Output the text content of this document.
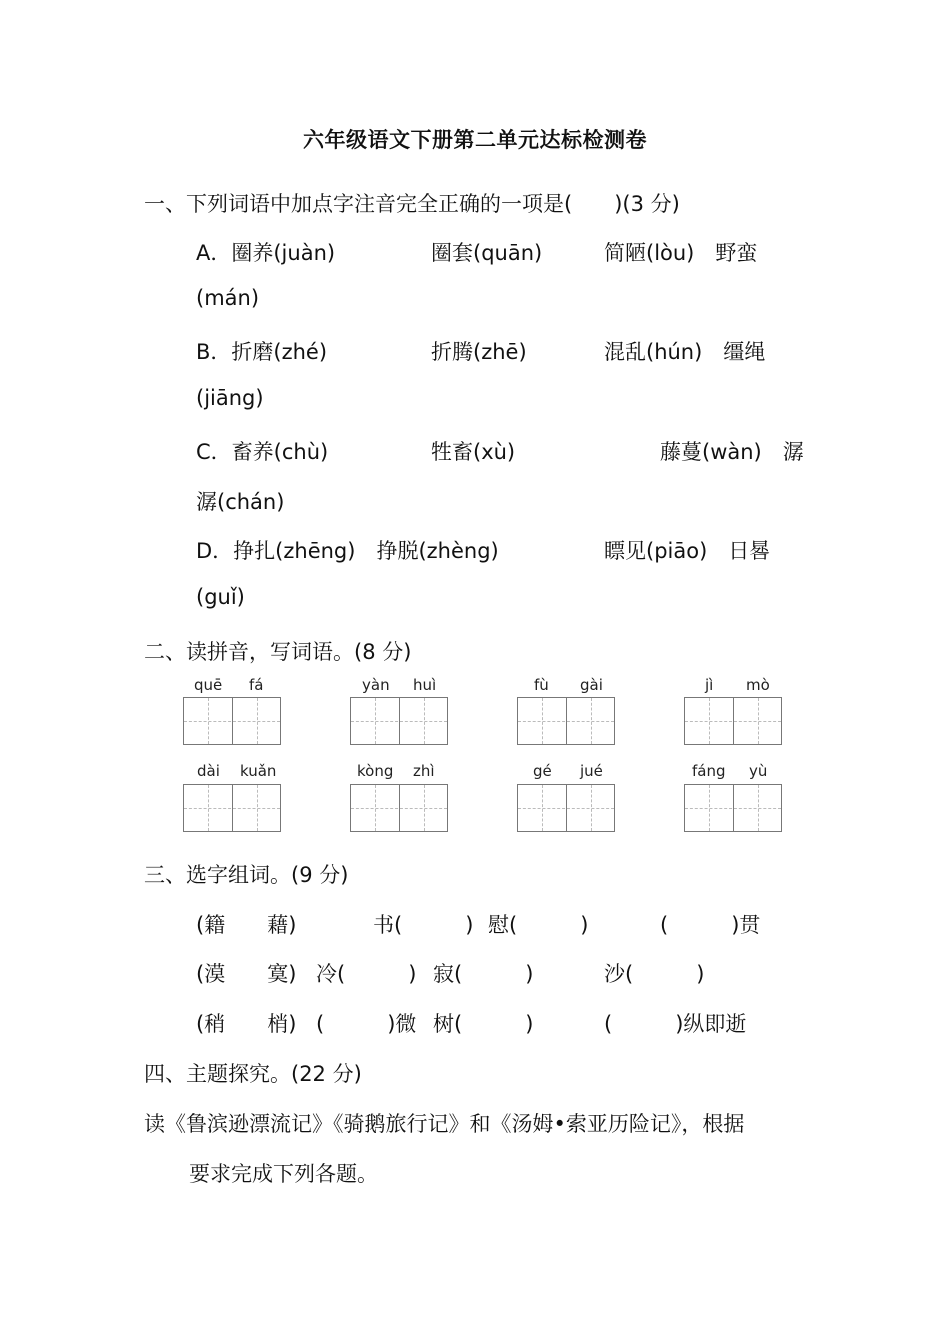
六年级语文下册第二单元达标检测卷
一、下列词语中加点字注音完全正确的一项是(　　)(3 分)
A．圈养(juàn)	圈套(quān)	简陋(lòu)　野蛮
(mán)
B．折磨(zhé)	折腾(zhē)	混乱(hún)　缰绳
(jiāng)
C．畜养(chù)	牲畜(xù)	藤蔓(wàn)　潺
潺(chán)
D．挣扎(zhēng)　挣脱(zhèng)	瞟见(piāo)　日晷
(guǐ)
二、读拼音，写词语。(8 分)
quē fá	yàn huì	fù gài	jì mò
dài kuǎn	kòng zhì	gé jué	fáng yù
三、选字组词。(9 分)
(籍　　藉)	书(　　　) 慰(　　　)	(　　　)贯
(漠　　寞) 冷(　　　) 寂(　　　)	沙(　　　)
(稍　　梢) (　　　)微 树(　　　)	(　　　)纵即逝
四、主题探究。(22 分)
读《鲁滨逊漂流记》《骑鹅旅行记》和《汤姆•索亚历险记》，根据
要求完成下列各题。
